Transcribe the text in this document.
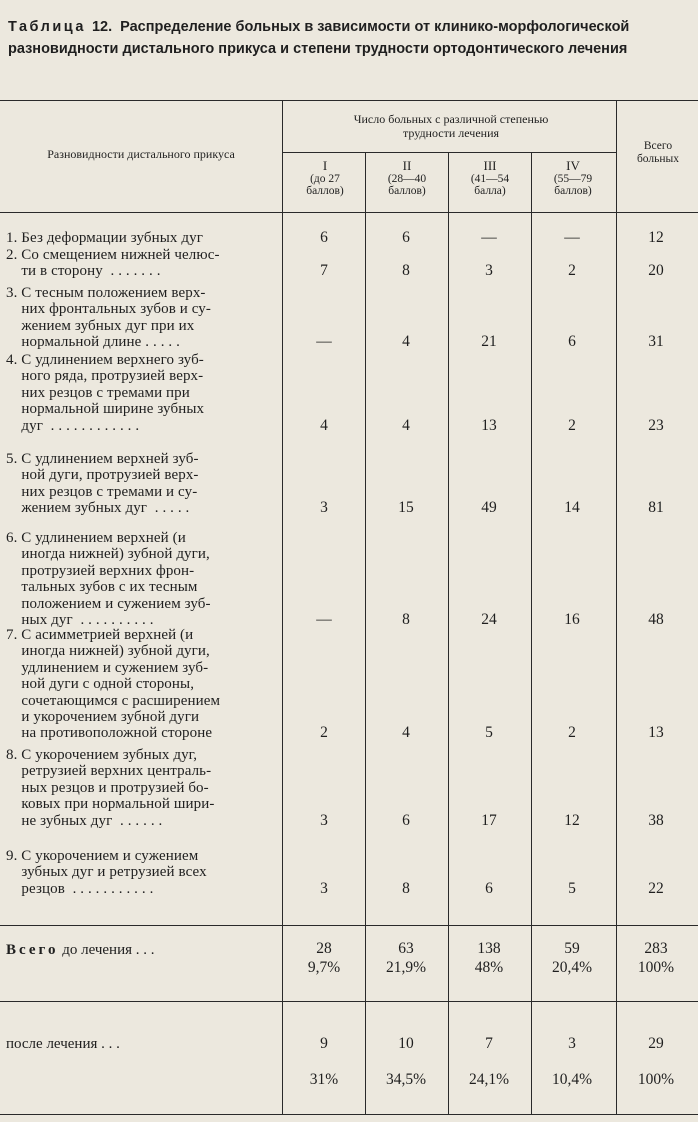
Таблица 12. Распределение больных в зависимости от клинико-морфологической разновидности дистального прикуса и степени трудности ортодонтического лечения
Разновидности дистального прикуса
Число больных с различной степенью
трудности лечения
Всего
больных
I
(до 27
баллов)
II
(28—40
баллов)
III
(41—54
балла)
IV
(55—79
баллов)
1. Без деформации зубных дуг	6	6	—	—	12
2. Со смещением нижней челюс-
ти в сторону  . . . . . . .	7	8	3	2	20
3. С тесным положением верх-
них фронтальных зубов и су-
жением зубных дуг при их
нормальной длине . . . . .	—	4	21	6	31
4. С удлинением верхнего зуб-
ного ряда, протрузией верх-
них резцов с тремами при
нормальной ширине зубных
дуг  . . . . . . . . . . . .	4	4	13	2	23
5. С удлинением верхней зуб-
ной дуги, протрузией верх-
них резцов с тремами и су-
жением зубных дуг  . . . . .	3	15	49	14	81
6. С удлинением верхней (и
иногда нижней) зубной дуги,
протрузией верхних фрон-
тальных зубов с их тесным
положением и сужением зуб-
ных дуг  . . . . . . . . . .	—	8	24	16	48
7. С асимметрией верхней (и
иногда нижней) зубной дуги,
удлинением и сужением зуб-
ной дуги с одной стороны,
сочетающимся с расширением
и укорочением зубной дуги
на противоположной стороне	2	4	5	2	13
8. С укорочением зубных дуг,
ретрузией верхних централь-
ных резцов и протрузией бо-
ковых при нормальной шири-
не зубных дуг  . . . . . .	3	6	17	12	38
9. С укорочением и сужением
зубных дуг и ретрузией всех
резцов  . . . . . . . . . . .	3	8	6	5	22
Всего до лечения . . .	28	63	138	59	283
9,7%	21,9%	48%	20,4%	100%
после лечения . . .	9	10	7	3	29
31%	34,5%	24,1%	10,4%	100%
